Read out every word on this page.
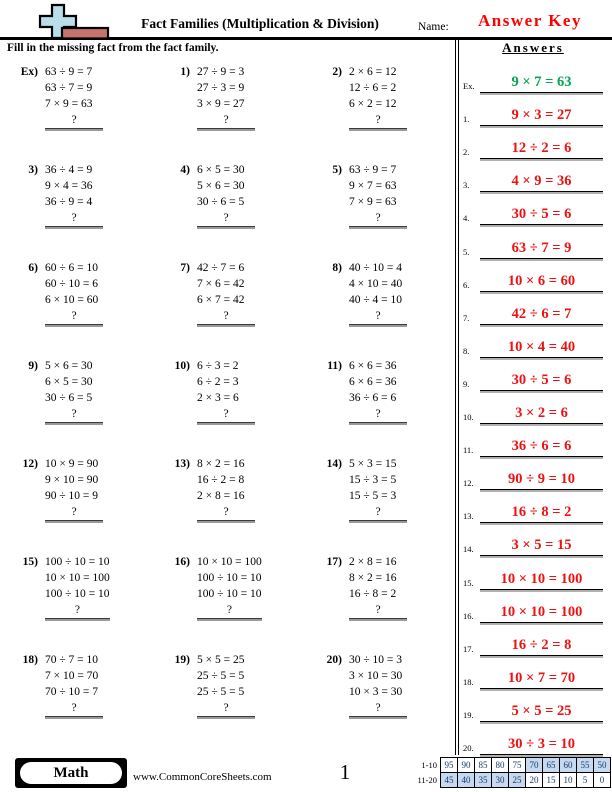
Fact Families (Multiplication & Division)	Name:	Answer Key
Fill in the missing fact from the fact family.
Ex) 63 ÷ 9 = 7
63 ÷ 7 = 9
7 × 9 = 63
?
1) 27 ÷ 9 = 3
27 ÷ 3 = 9
3 × 9 = 27
?
2) 2 × 6 = 12
12 ÷ 6 = 2
6 × 2 = 12
?
3) 36 ÷ 4 = 9
9 × 4 = 36
36 ÷ 9 = 4
?
4) 6 × 5 = 30
5 × 6 = 30
30 ÷ 6 = 5
?
5) 63 ÷ 9 = 7
9 × 7 = 63
7 × 9 = 63
?
6) 60 ÷ 6 = 10
60 ÷ 10 = 6
6 × 10 = 60
?
7) 42 ÷ 7 = 6
7 × 6 = 42
6 × 7 = 42
?
8) 40 ÷ 10 = 4
4 × 10 = 40
40 ÷ 4 = 10
?
9) 5 × 6 = 30
6 × 5 = 30
30 ÷ 6 = 5
?
10) 6 ÷ 3 = 2
6 ÷ 2 = 3
2 × 3 = 6
?
11) 6 × 6 = 36
6 × 6 = 36
36 ÷ 6 = 6
?
12) 10 × 9 = 90
9 × 10 = 90
90 ÷ 10 = 9
?
13) 8 × 2 = 16
16 ÷ 2 = 8
2 × 8 = 16
?
14) 5 × 3 = 15
15 ÷ 3 = 5
15 ÷ 5 = 3
?
15) 100 ÷ 10 = 10
10 × 10 = 100
100 ÷ 10 = 10
?
16) 10 × 10 = 100
100 ÷ 10 = 10
100 ÷ 10 = 10
?
17) 2 × 8 = 16
8 × 2 = 16
16 ÷ 8 = 2
?
18) 70 ÷ 7 = 10
7 × 10 = 70
70 ÷ 10 = 7
?
19) 5 × 5 = 25
25 ÷ 5 = 5
25 ÷ 5 = 5
?
20) 30 ÷ 10 = 3
3 × 10 = 30
10 × 3 = 30
?
Answers
Ex.	9 × 7 = 63
1.	9 × 3 = 27
2.	12 ÷ 2 = 6
3.	4 × 9 = 36
4.	30 ÷ 5 = 6
5.	63 ÷ 7 = 9
6.	10 × 6 = 60
7.	42 ÷ 6 = 7
8.	10 × 4 = 40
9.	30 ÷ 5 = 6
10.	3 × 2 = 6
11.	36 ÷ 6 = 6
12.	90 ÷ 9 = 10
13.	16 ÷ 8 = 2
14.	3 × 5 = 15
15.	10 × 10 = 100
16.	10 × 10 = 100
17.	16 ÷ 2 = 8
18.	10 × 7 = 70
19.	5 × 5 = 25
20.	30 ÷ 3 = 10
Math	www.CommonCoreSheets.com	1	1-10 95 90 85 80 75 70 65 60 55 50
11-20 45 40 35 30 25 20 15 10	5	0
